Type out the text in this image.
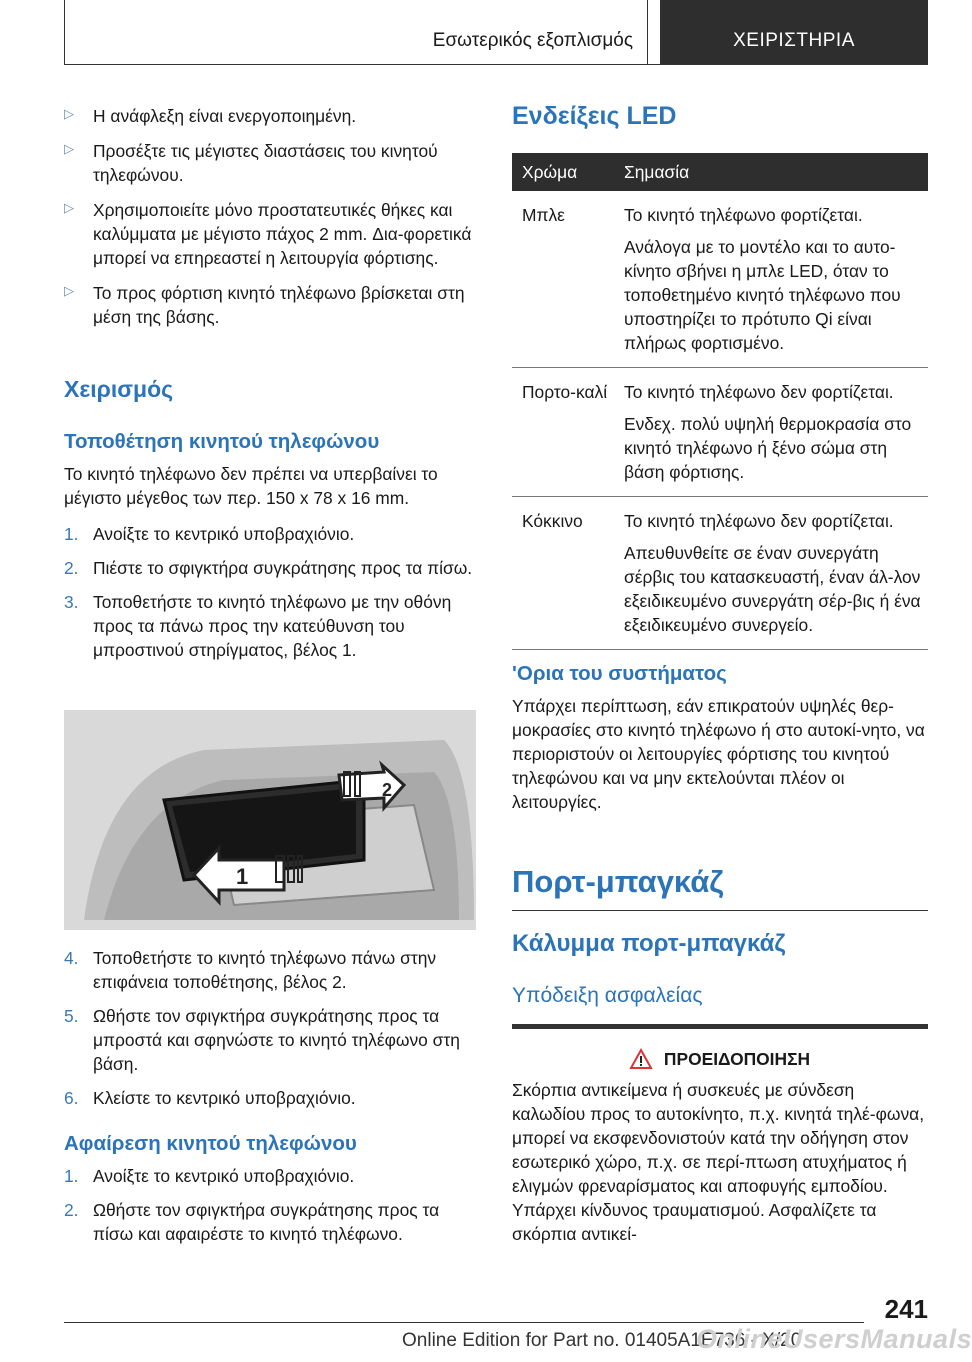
Εσωτερικός εξοπλισμός	ΧΕΙΡΙΣΤΗΡΙΑ
▷	Η ανάφλεξη είναι ενεργοποιημένη.

▷	Προσέξτε τις μέγιστες διαστάσεις του κινητού τηλεφώνου.

▷	Χρησιμοποιείτε μόνο προστατευτικές θήκες και καλύμματα με μέγιστο πάχος 2 mm. Δια-φορετικά μπορεί να επηρεαστεί η λειτουργία φόρτισης.

▷	Το προς φόρτιση κινητό τηλέφωνο βρίσκεται στη μέση της βάσης.

Χειρισμός
Τοποθέτηση κινητού τηλεφώνου

Το κινητό τηλέφωνο δεν πρέπει να υπερβαίνει το μέγιστο μέγεθος των περ. 150 x 78 x 16 mm.

1. Ανοίξτε το κεντρικό υποβραχιόνιο.

2. Πιέστε το σφιγκτήρα συγκράτησης προς τα πίσω.

3. Τοποθετήστε το κινητό τηλέφωνο με την οθόνη προς τα πάνω προς την κατεύθυνση του μπροστινού στηρίγματος, βέλος 1.

1
2
4. Τοποθετήστε το κινητό τηλέφωνο πάνω στην επιφάνεια τοποθέτησης, βέλος 2.

5. Ωθήστε τον σφιγκτήρα συγκράτησης προς τα μπροστά και σφηνώστε το κινητό τηλέφωνο στη βάση.

6. Κλείστε το κεντρικό υποβραχιόνιο.

Αφαίρεση κινητού τηλεφώνου
1. Ανοίξτε το κεντρικό υποβραχιόνιο.

2. Ωθήστε τον σφιγκτήρα συγκράτησης προς τα πίσω και αφαιρέστε το κινητό τηλέφωνο.

Ενδείξεις LED
Χρώμα	Σημασία
Μπλε	Το κινητό τηλέφωνο φορτίζεται.

Ανάλογα με το μοντέλο και το αυτο-κίνητο σβήνει η μπλε LED, όταν το τοποθετημένο κινητό τηλέφωνο που υποστηρίζει το πρότυπο Qi είναι πλήρως φορτισμένο.

Πορτο-καλί	Το κινητό τηλέφωνο δεν φορτίζεται.

Ενδεχ. πολύ υψηλή θερμοκρασία στο κινητό τηλέφωνο ή ξένο σώμα στη βάση φόρτισης.

Κόκκινο	Το κινητό τηλέφωνο δεν φορτίζεται.

Απευθυνθείτε σε έναν συνεργάτη σέρβις του κατασκευαστή, έναν άλ-λον εξειδικευμένο συνεργάτη σέρ-βις ή ένα εξειδικευμένο συνεργείο.

'Ορια του συστήματος

Υπάρχει περίπτωση, εάν επικρατούν υψηλές θερ-μοκρασίες στο κινητό τηλέφωνο ή στο αυτοκί-νητο, να περιοριστούν οι λειτουργίες φόρτισης του κινητού τηλεφώνου και να μην εκτελούνται πλέον οι λειτουργίες.

Πορτ-μπαγκάζ
Κάλυμμα πορτ-μπαγκάζ
Υπόδειξη ασφαλείας
ΠΡΟΕΙΔΟΠΟΙΗΣΗ

Σκόρπια αντικείμενα ή συσκευές με σύνδεση καλωδίου προς το αυτοκίνητο, π.χ. κινητά τηλέ-φωνα, μπορεί να εκσφενδονιστούν κατά την οδήγηση στον εσωτερικό χώρο, π.χ. σε περί-πτωση ατυχήματος ή ελιγμών φρεναρίσματος και αποφυγής εμποδίου. Υπάρχει κίνδυνος τραυματισμού. Ασφαλίζετε τα σκόρπια αντικεί-

241
Online Edition for Part no. 01405A1E736 - X/20
OnlineUsersManuals
